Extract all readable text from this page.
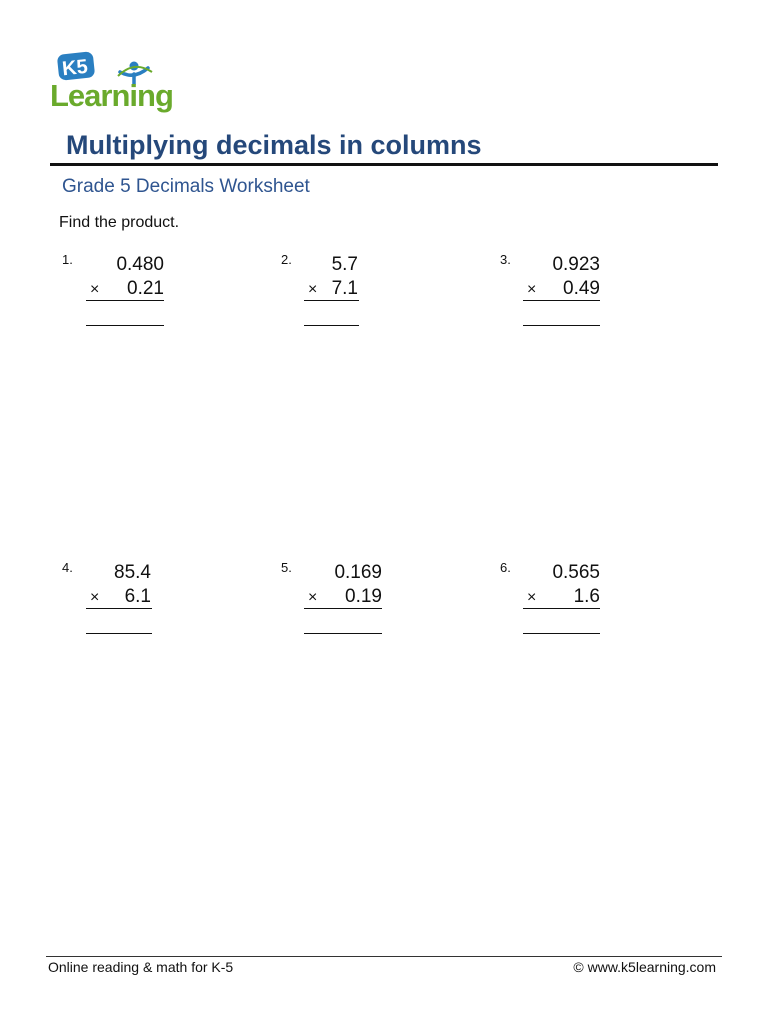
K5
Learning
Multiplying decimals in columns
Grade 5 Decimals Worksheet
Find the product.
1. 0.480
× 0.21
2. 5.7
× 7.1
3. 0.923
× 0.49
4. 85.4
× 6.1
5. 0.169
× 0.19
6. 0.565
× 1.6
Online reading & math for K-5	© www.k5learning.com
